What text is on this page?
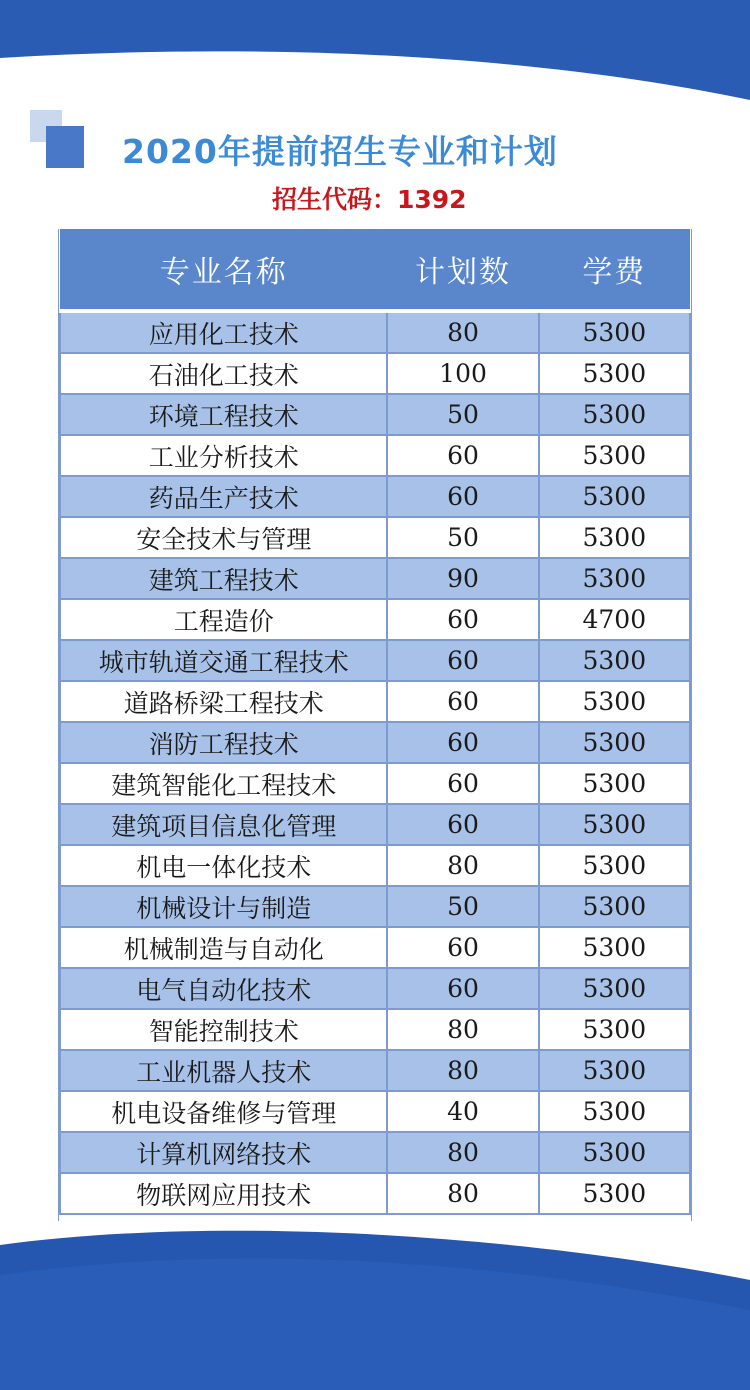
2020年提前招生专业和计划
招生代码：1392
专业名称	计划数	学费
应用化工技术	80	5300
石油化工技术	100	5300
环境工程技术	50	5300
工业分析技术	60	5300
药品生产技术	60	5300
安全技术与管理	50	5300
建筑工程技术	90	5300
工程造价	60	4700
城市轨道交通工程技术	60	5300
道路桥梁工程技术	60	5300
消防工程技术	60	5300
建筑智能化工程技术	60	5300
建筑项目信息化管理	60	5300
机电一体化技术	80	5300
机械设计与制造	50	5300
机械制造与自动化	60	5300
电气自动化技术	60	5300
智能控制技术	80	5300
工业机器人技术	80	5300
机电设备维修与管理	40	5300
计算机网络技术	80	5300
物联网应用技术	80	5300
